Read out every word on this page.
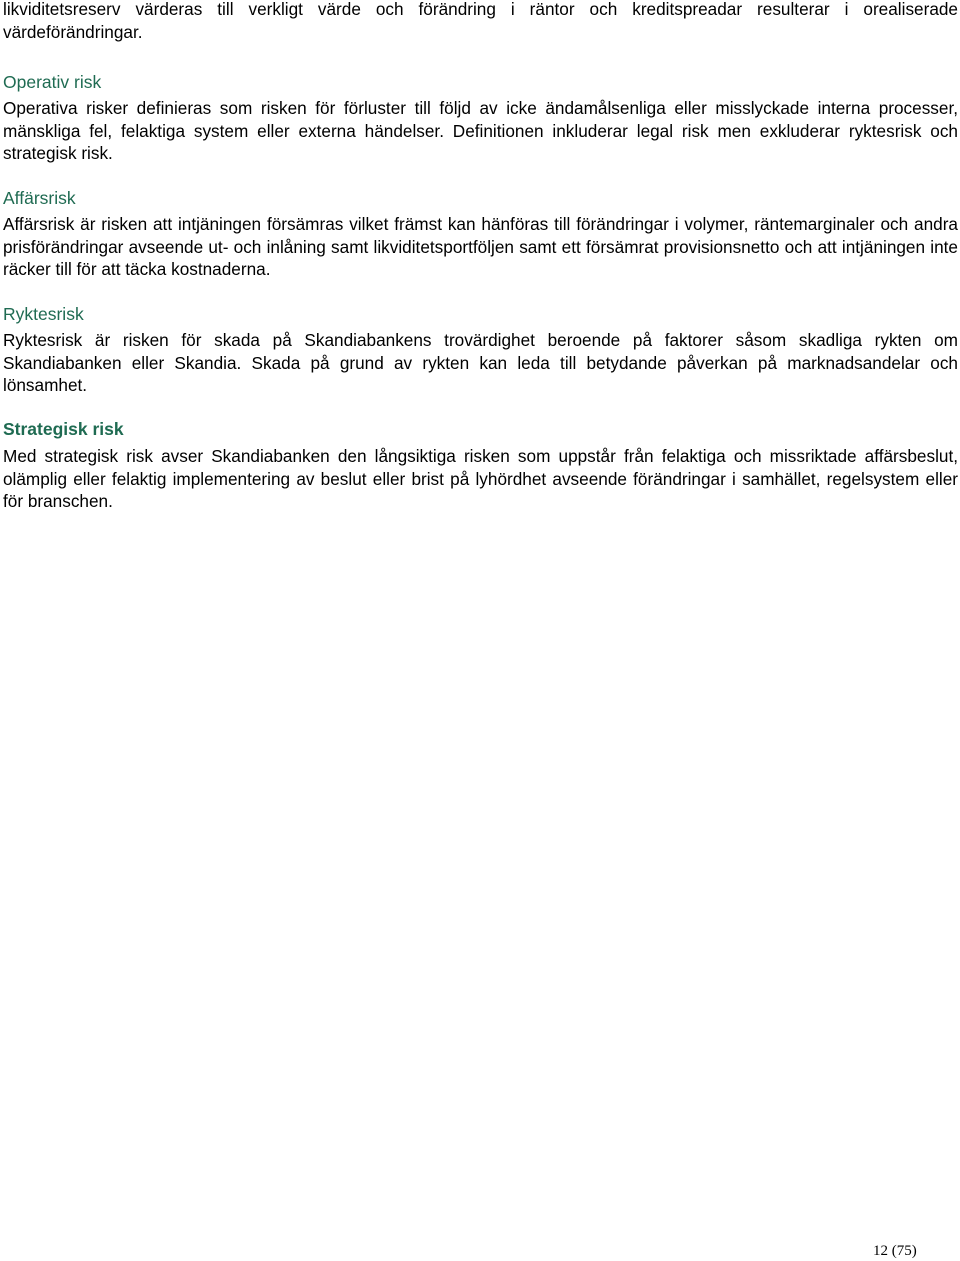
likviditetsreserv värderas till verkligt värde och förändring i räntor och kreditspreadar resulterar i orealiserade värdeförändringar.

Operativ risk

Operativa risker definieras som risken för förluster till följd av icke ändamålsenliga eller misslyckade interna processer, mänskliga fel, felaktiga system eller externa händelser. Definitionen inkluderar legal risk men exkluderar ryktesrisk och strategisk risk.

Affärsrisk

Affärsrisk är risken att intjäningen försämras vilket främst kan hänföras till förändringar i volymer, räntemarginaler och andra prisförändringar avseende ut- och inlåning samt likviditetsportföljen samt ett försämrat provisionsnetto och att intjäningen inte räcker till för att täcka kostnaderna.

Ryktesrisk

Ryktesrisk är risken för skada på Skandiabankens trovärdighet beroende på faktorer såsom skadliga rykten om Skandiabanken eller Skandia. Skada på grund av rykten kan leda till betydande påverkan på marknadsandelar och lönsamhet.

Strategisk risk

Med strategisk risk avser Skandiabanken den långsiktiga risken som uppstår från felaktiga och missriktade affärsbeslut, olämplig eller felaktig implementering av beslut eller brist på lyhördhet avseende förändringar i samhället, regelsystem eller för branschen.

12 (75)
